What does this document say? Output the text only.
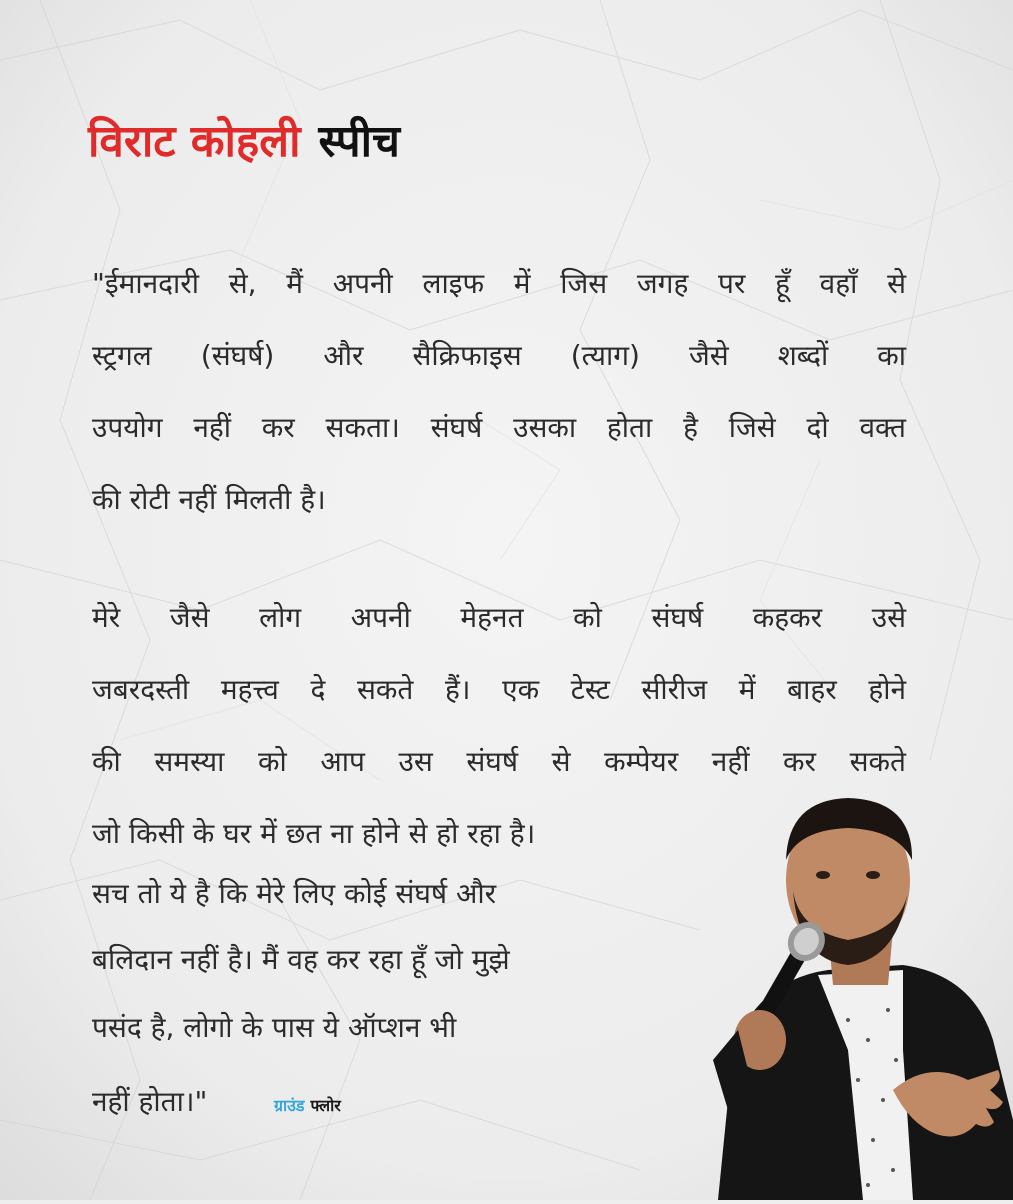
विराट कोहली स्पीच
"ईमानदारी से, मैं अपनी लाइफ में जिस जगह पर हूँ वहाँ से
स्ट्रगल (संघर्ष) और सैक्रिफाइस (त्याग) जैसे शब्दों का
उपयोग नहीं कर सकता। संघर्ष उसका होता है जिसे दो वक्त
की रोटी नहीं मिलती है।
मेरे जैसे लोग अपनी मेहनत को संघर्ष कहकर उसे
जबरदस्ती महत्त्व दे सकते हैं। एक टेस्ट सीरीज में बाहर होने
की समस्या को आप उस संघर्ष से कम्पेयर नहीं कर सकते
जो किसी के घर में छत ना होने से हो रहा है।
सच तो ये है कि मेरे लिए कोई संघर्ष और
बलिदान नहीं है। मैं वह कर रहा हूँ जो मुझे
पसंद है, लोगो के पास ये ऑप्शन भी
नहीं होता।"	ग्राउंड फ्लोर
